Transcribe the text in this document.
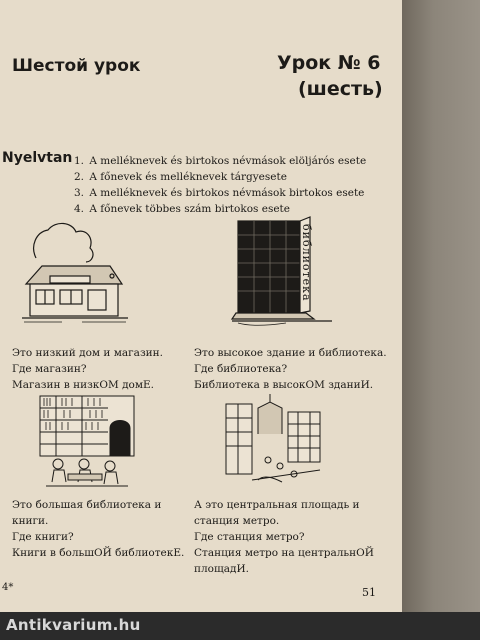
Шестой урок	Урок № 6
(шесть)
Nyelvtan 1. A melléknevek és birtokos névmások elöljárós esete
2. A főnevek és melléknevek tárgyesete
3. A melléknevek és birtokos névmások birtokos esete
4. A főnevek többes szám birtokos esete
библиотека
Это низкий дом и магазин.
Где магазин?
Магазин в низкОМ домЕ.
Это высокое здание и библиотека.
Где библиотека?
Библиотека в высокОМ зданиИ.
Это большая библиотека и
книги.
Где книги?
Книги в большОЙ библиотекЕ.
А это центральная площадь и
станция метро.
Где станция метро?
Станция метро на центральнОЙ
площадИ.
4*	51
Antikvarium.hu
